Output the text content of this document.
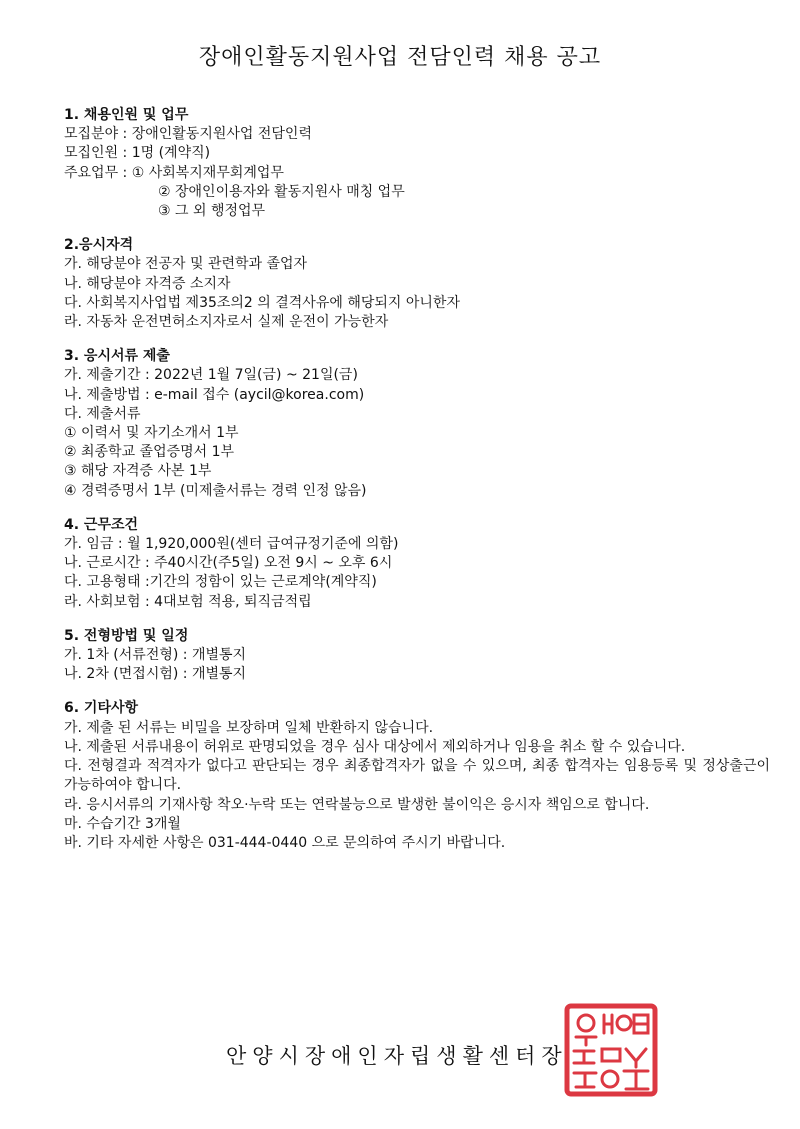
장애인활동지원사업 전담인력 채용 공고
1. 채용인원 및 업무
모집분야 : 장애인활동지원사업 전담인력
모집인원 : 1명 (계약직)
주요업무 : ① 사회복지재무회계업무
② 장애인이용자와 활동지원사 매칭 업무
③ 그 외 행정업무
2.응시자격
가. 해당분야 전공자 및 관련학과 졸업자
나. 해당분야 자격증 소지자
다. 사회복지사업법 제35조의2 의 결격사유에 해당되지 아니한자
라. 자동차 운전면허소지자로서 실제 운전이 가능한자
3. 응시서류 제출
가. 제출기간 : 2022년 1월 7일(금) ~ 21일(금)
나. 제출방법 : e-mail 접수 (aycil@korea.com)
다. 제출서류
① 이력서 및 자기소개서 1부
② 최종학교 졸업증명서 1부
③ 해당 자격증 사본 1부
④ 경력증명서 1부 (미제출서류는 경력 인정 않음)
4. 근무조건
가. 임금 : 월 1,920,000원(센터 급여규정기준에 의함)
나. 근로시간 : 주40시간(주5일) 오전 9시 ~ 오후 6시
다. 고용형태 :기간의 정함이 있는 근로계약(계약직)
라. 사회보험 : 4대보험 적용, 퇴직금적립
5. 전형방법 및 일정
가. 1차 (서류전형) : 개별통지
나. 2차 (면접시험) : 개별통지
6. 기타사항
가. 제출 된 서류는 비밀을 보장하며 일체 반환하지 않습니다.
나. 제출된 서류내용이 허위로 판명되었을 경우 심사 대상에서 제외하거나 임용을 취소 할 수 있습니다.
다. 전형결과 적격자가 없다고 판단되는 경우 최종합격자가 없을 수 있으며, 최종 합격자는 임용등록 및 정상출근이 가능하여야 합니다.
라. 응시서류의 기재사항 착오·누락 또는 연락불능으로 발생한 불이익은 응시자 책임으로 합니다.
마. 수습기간 3개월
바. 기타 자세한 사항은 031-444-0440 으로 문의하여 주시기 바랍니다.
안양시장애인자립생활센터장
